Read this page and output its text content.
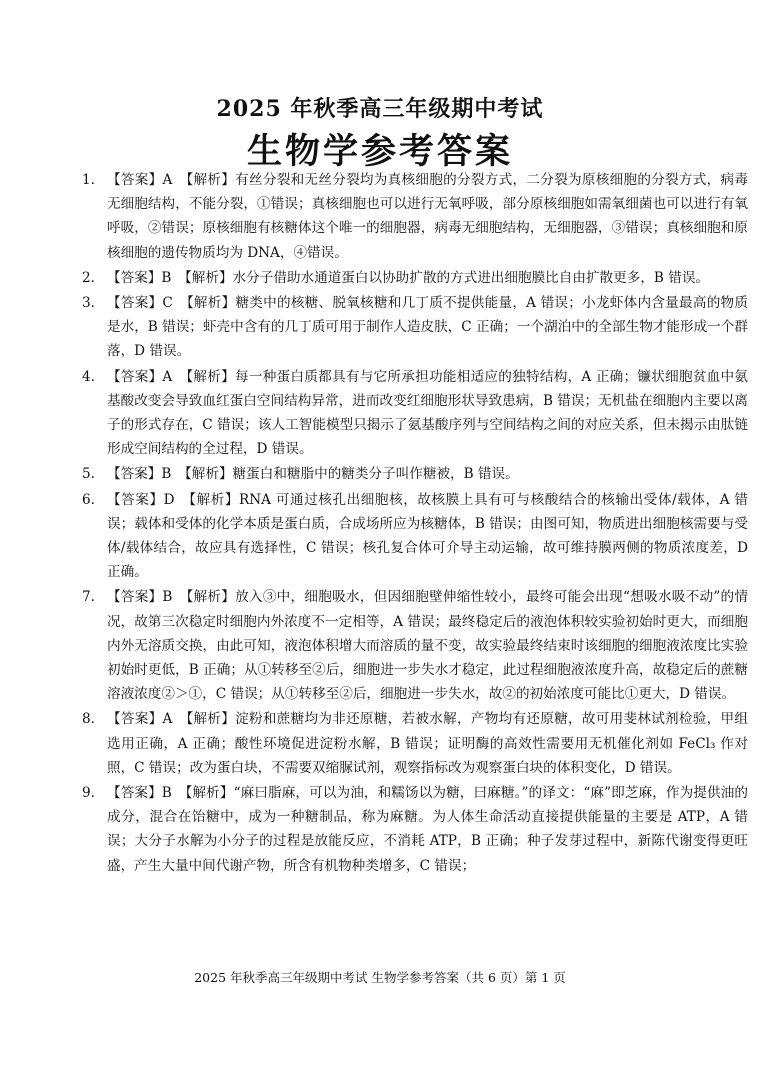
2025 年秋季高三年级期中考试
生物学参考答案
1. 【答案】A　【解析】有丝分裂和无丝分裂均为真核细胞的分裂方式，二分裂为原核细胞的分裂方式，病毒无细胞结构，不能分裂，①错误；真核细胞也可以进行无氧呼吸，部分原核细胞如需氧细菌也可以进行有氧呼吸，②错误；原核细胞有核糖体这个唯一的细胞器，病毒无细胞结构，无细胞器，③错误；真核细胞和原核细胞的遗传物质均为 DNA，④错误。
2. 【答案】B　【解析】水分子借助水通道蛋白以协助扩散的方式进出细胞膜比自由扩散更多，B 错误。
3. 【答案】C　【解析】糖类中的核糖、脱氧核糖和几丁质不提供能量，A 错误；小龙虾体内含量最高的物质是水，B 错误；虾壳中含有的几丁质可用于制作人造皮肤，C 正确；一个湖泊中的全部生物才能形成一个群落，D 错误。
4. 【答案】A　【解析】每一种蛋白质都具有与它所承担功能相适应的独特结构，A 正确；镰状细胞贫血中氨基酸改变会导致血红蛋白空间结构异常，进而改变红细胞形状导致患病，B 错误；无机盐在细胞内主要以离子的形式存在，C 错误；该人工智能模型只揭示了氨基酸序列与空间结构之间的对应关系，但未揭示由肽链形成空间结构的全过程，D 错误。
5. 【答案】B　【解析】糖蛋白和糖脂中的糖类分子叫作糖被，B 错误。
6. 【答案】D　【解析】RNA 可通过核孔出细胞核，故核膜上具有可与核酸结合的核输出受体/载体，A 错误；载体和受体的化学本质是蛋白质，合成场所应为核糖体，B 错误；由图可知，物质进出细胞核需要与受体/载体结合，故应具有选择性，C 错误；核孔复合体可介导主动运输，故可维持膜两侧的物质浓度差，D 正确。
7. 【答案】B　【解析】放入③中，细胞吸水，但因细胞壁伸缩性较小，最终可能会出现“想吸水吸不动”的情况，故第三次稳定时细胞内外浓度不一定相等，A 错误；最终稳定后的液泡体积较实验初始时更大，而细胞内外无溶质交换，由此可知，液泡体积增大而溶质的量不变，故实验最终结束时该细胞的细胞液浓度比实验初始时更低，B 正确；从①转移至②后，细胞进一步失水才稳定，此过程细胞液浓度升高，故稳定后的蔗糖溶液浓度②＞①，C 错误；从①转移至②后，细胞进一步失水，故②的初始浓度可能比①更大，D 错误。
8. 【答案】A　【解析】淀粉和蔗糖均为非还原糖，若被水解，产物均有还原糖，故可用斐林试剂检验，甲组选用正确，A 正确；酸性环境促进淀粉水解，B 错误；证明酶的高效性需要用无机催化剂如 FeCl₃ 作对照，C 错误；改为蛋白块，不需要双缩脲试剂，观察指标改为观察蛋白块的体积变化，D 错误。
9. 【答案】B　【解析】“麻曰脂麻，可以为油，和糯饧以为糖，曰麻糖。”的译文：“麻”即芝麻，作为提供油的成分，混合在饴糖中，成为一种糖制品，称为麻糖。为人体生命活动直接提供能量的主要是 ATP，A 错误；大分子水解为小分子的过程是放能反应，不消耗 ATP，B 正确；种子发芽过程中，新陈代谢变得更旺盛，产生大量中间代谢产物，所含有机物种类增多，C 错误；
2025 年秋季高三年级期中考试 生物学参考答案（共 6 页）第 1 页
